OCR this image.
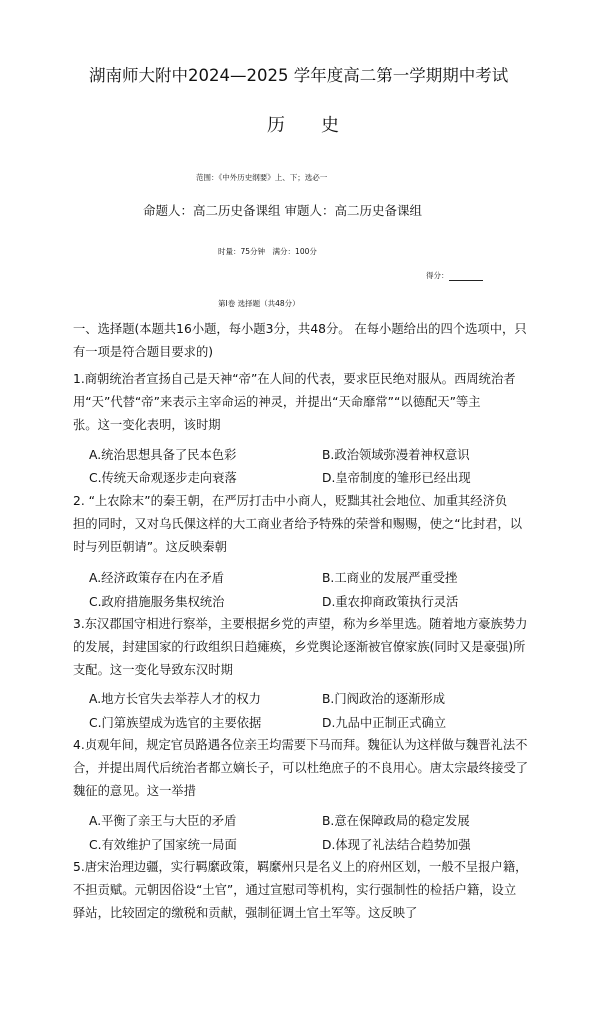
湖南师大附中2024—2025 学年度高二第一学期期中考试
历 史
范围：《中外历史纲要》上、下；选必一
命题人：高二历史备课组 审题人：高二历史备课组
时量：75分钟　满分：100分
得分：
第Ⅰ卷 选择题（共48分）
一、选择题(本题共16小题，每小题3分，共48分。 在每小题给出的四个选项中，只
有一项是符合题目要求的)
1.商朝统治者宣扬自己是天神“帝”在人间的代表，要求臣民绝对服从。西周统治者
用“天”代替“帝”来表示主宰命运的神灵，并提出“天命靡常”“以德配天”等主
张。这一变化表明，该时期
A.统治思想具备了民本色彩	B.政治领域弥漫着神权意识
C.传统天命观逐步走向衰落	D.皇帝制度的雏形已经出现
2. “上农除末”的秦王朝，在严厉打击中小商人，贬黜其社会地位、加重其经济负
担的同时，又对乌氏倮这样的大工商业者给予特殊的荣誉和赐赐，使之“比封君，以
时与列臣朝请”。这反映秦朝
A.经济政策存在内在矛盾	B.工商业的发展严重受挫
C.政府措施服务集权统治	D.重农抑商政策执行灵活
3.东汉郡国守相进行察举，主要根据乡党的声望，称为乡举里选。随着地方豪族势力
的发展，封建国家的行政组织日趋瘫痪，乡党舆论逐渐被官僚家族(同时又是豪强)所
支配。这一变化导致东汉时期
A.地方长官失去举荐人才的权力	B.门阀政治的逐渐形成
C.门第族望成为选官的主要依据	D.九品中正制正式确立
4.贞观年间，规定官员路遇各位亲王均需要下马而拜。魏征认为这样做与魏晋礼法不
合，并提出周代后统治者都立嫡长子，可以杜绝庶子的不良用心。唐太宗最终接受了
魏征的意见。这一举措
A.平衡了亲王与大臣的矛盾	B.意在保障政局的稳定发展
C.有效维护了国家统一局面	D.体现了礼法结合趋势加强
5.唐宋治理边疆，实行羁縻政策，羁縻州只是名义上的府州区划，一般不呈报户籍，
不担贡赋。元朝因俗设“土官”，通过宣慰司等机构，实行强制性的检括户籍，设立
驿站，比较固定的缴税和贡献，强制征调土官土军等。这反映了
